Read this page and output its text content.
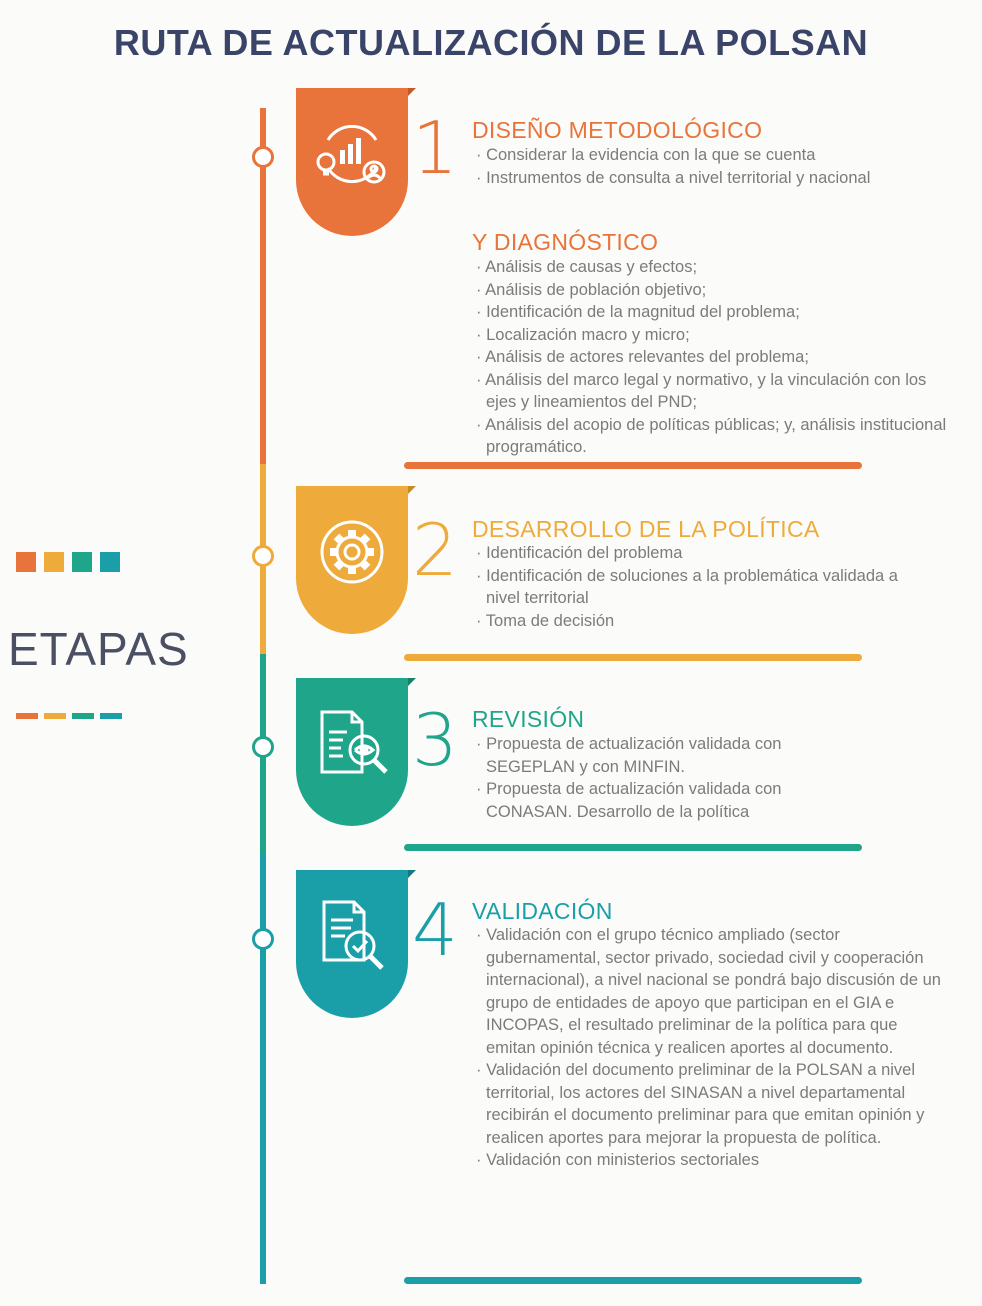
RUTA DE ACTUALIZACIÓN DE LA POLSAN
ETAPAS
1 DISEÑO METODOLÓGICO
· Considerar la evidencia con la que se cuenta
· Instrumentos de consulta a nivel territorial y nacional
Y DIAGNÓSTICO
· Análisis de causas y efectos;
· Análisis de población objetivo;
· Identificación de la magnitud del problema;
· Localización macro y micro;
· Análisis de actores relevantes del problema;
· Análisis del marco legal y normativo, y la vinculación con los ejes y lineamientos del PND;
· Análisis del acopio de políticas públicas; y, análisis institucional programático.
2 DESARROLLO DE LA POLÍTICA
· Identificación del problema
· Identificación de soluciones a la problemática validada a nivel territorial
· Toma de decisión
3 REVISIÓN
· Propuesta de actualización validada con SEGEPLAN y con MINFIN.
· Propuesta de actualización validada con CONASAN. Desarrollo de la política
4 VALIDACIÓN
· Validación con el grupo técnico ampliado (sector gubernamental, sector privado, sociedad civil y cooperación internacional), a nivel nacional se pondrá bajo discusión de un grupo de entidades de apoyo que participan en el GIA e INCOPAS, el resultado preliminar de la política para que emitan opinión técnica y realicen aportes al documento.
· Validación del documento preliminar de la POLSAN a nivel territorial, los actores del SINASAN a nivel departamental recibirán el documento preliminar para que emitan opinión y realicen aportes para mejorar la propuesta de política.
· Validación con ministerios sectoriales
